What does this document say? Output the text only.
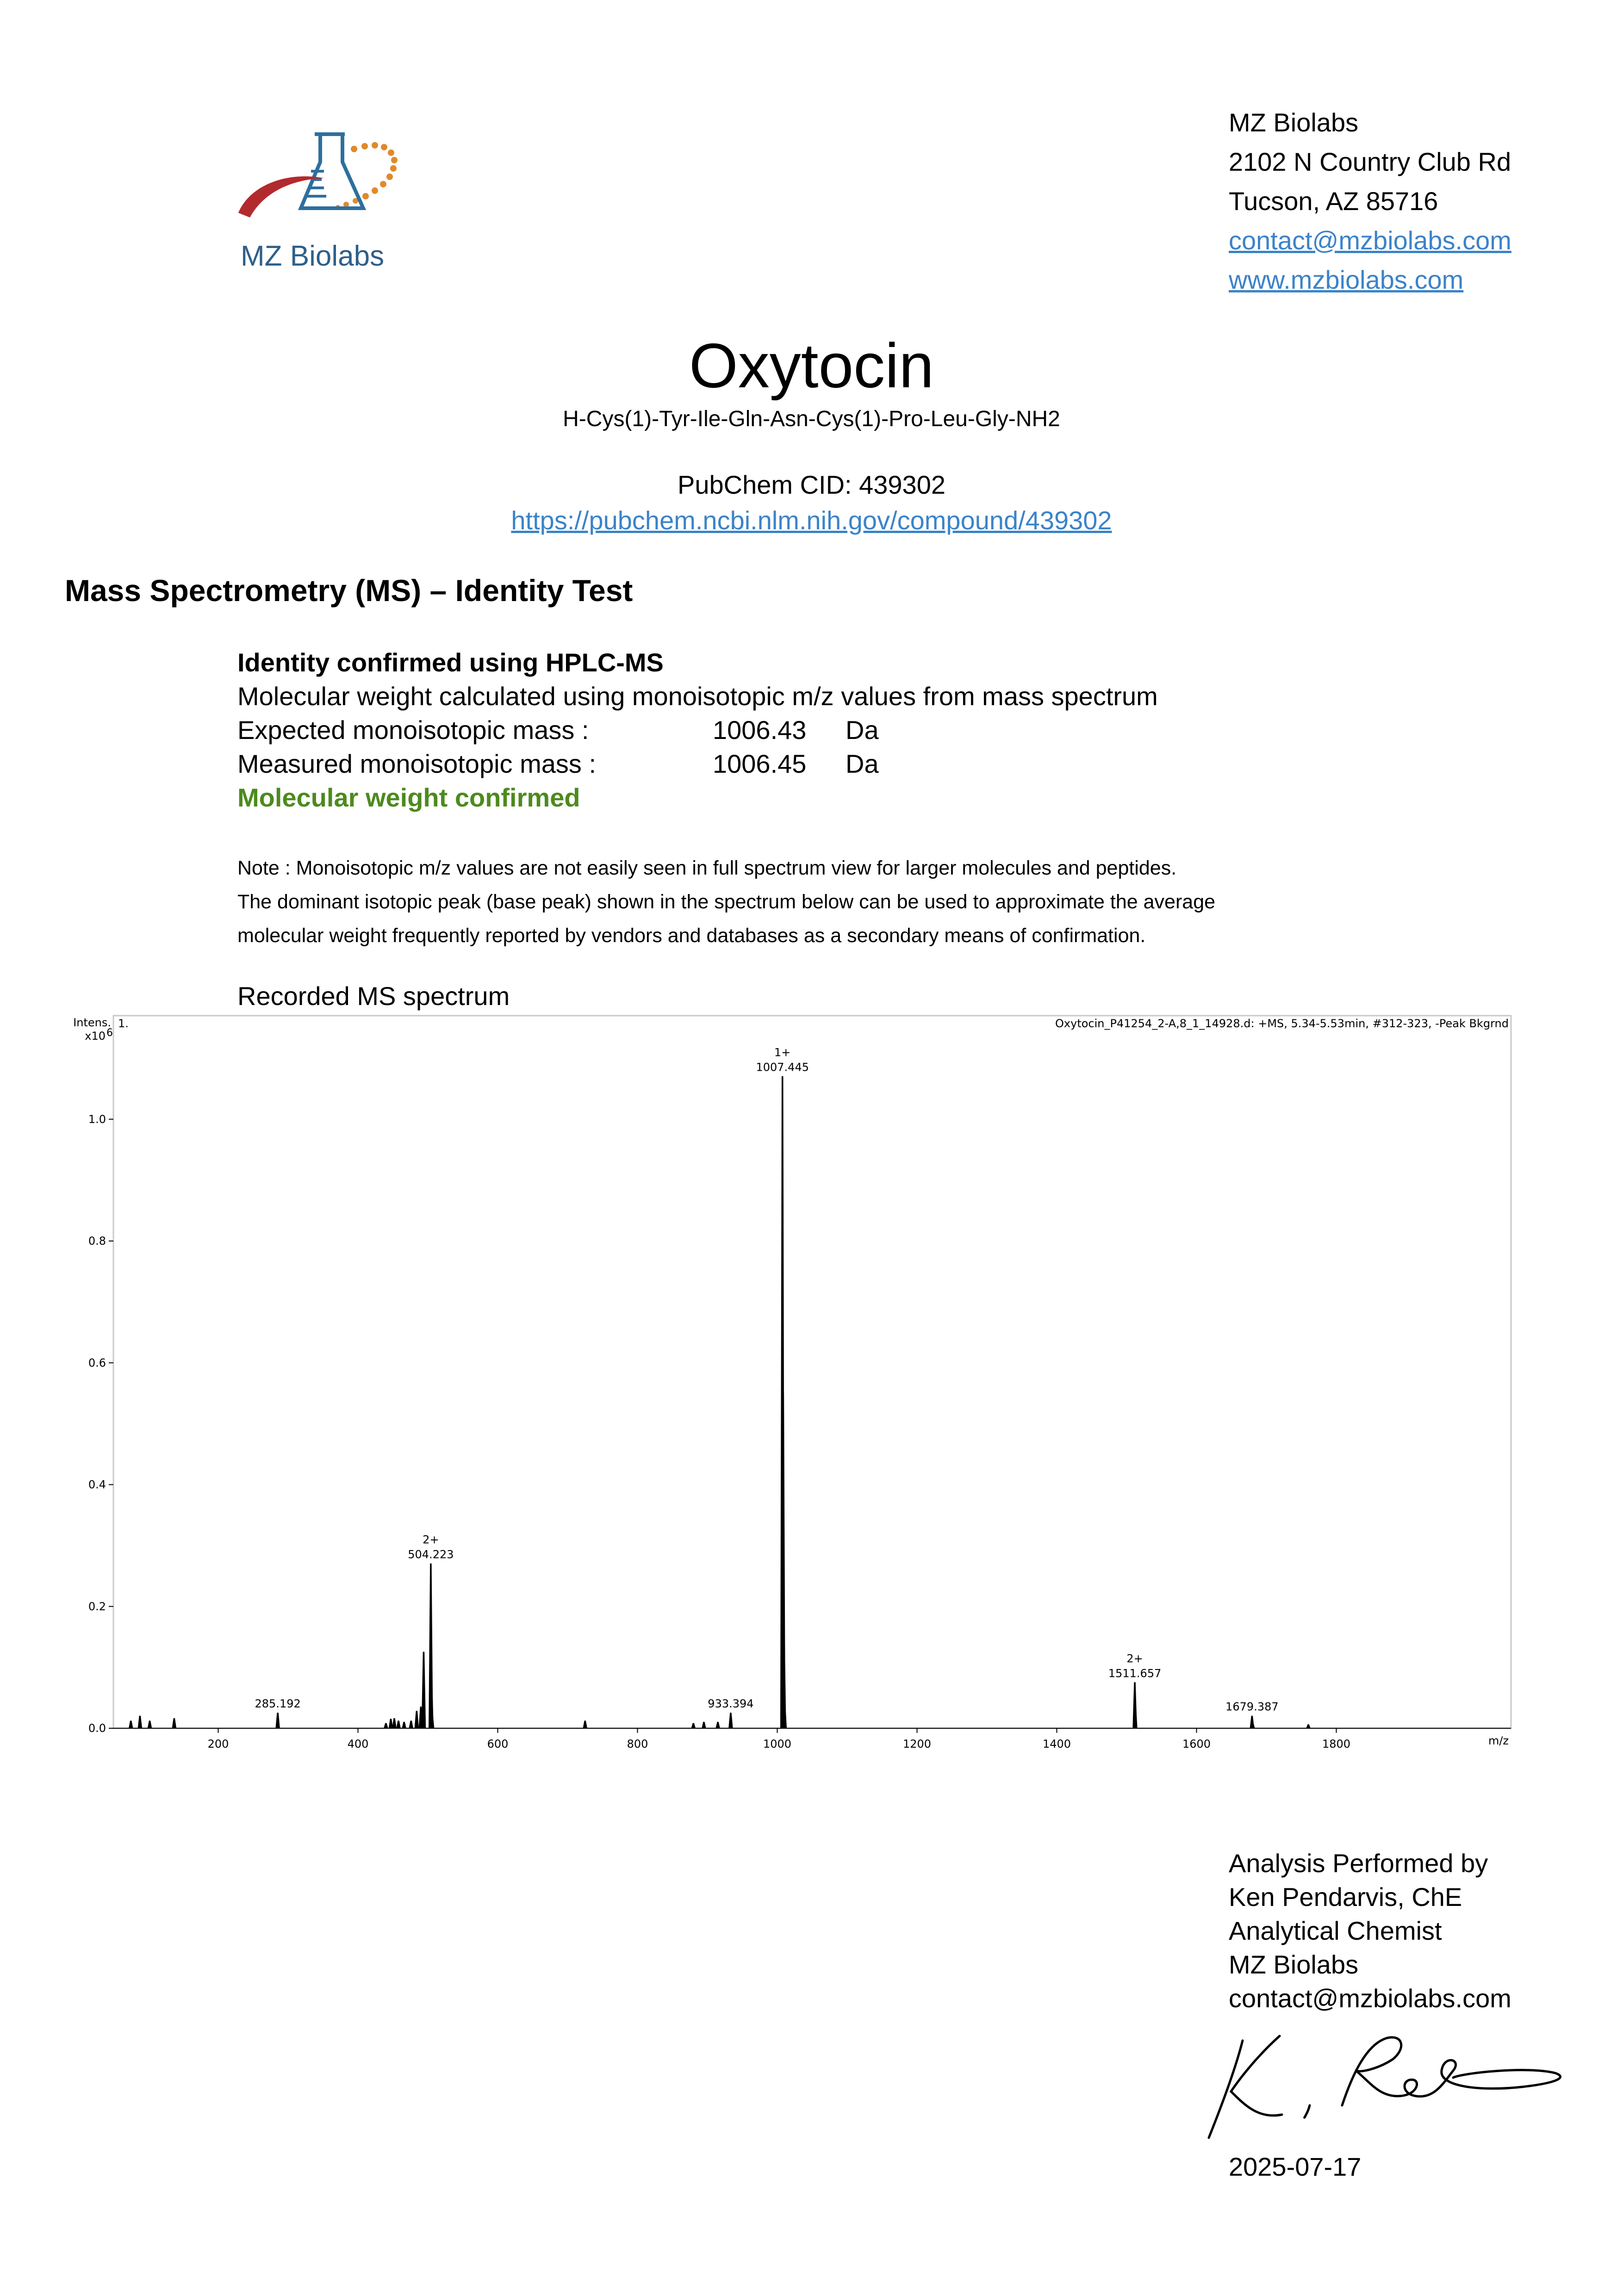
MZ Biolabs
MZ Biolabs
2102 N Country Club Rd
Tucson, AZ 85716
contact@mzbiolabs.com
www.mzbiolabs.com
Oxytocin
H-Cys(1)-Tyr-Ile-Gln-Asn-Cys(1)-Pro-Leu-Gly-NH2
PubChem CID: 439302
https://pubchem.ncbi.nlm.nih.gov/compound/439302
Mass Spectrometry (MS) – Identity Test
Identity confirmed using HPLC-MS
Molecular weight calculated using monoisotopic m/z values from mass spectrum
Expected monoisotopic mass :	1006.43 Da
Measured monoisotopic mass :	1006.45 Da
Molecular weight confirmed
Note : Monoisotopic m/z values are not easily seen in full spectrum view for larger molecules and peptides.
The dominant isotopic peak (base peak) shown in the spectrum below can be used to approximate the average
molecular weight frequently reported by vendors and databases as a secondary means of confirmation.
Recorded MS spectrum
Intens.
x10 6
1.	Oxytocin_P41254_2-A,8_1_14928.d: +MS, 5.34-5.53min, #312-323, -Peak Bkgrnd
m/z
200	400	600	800	1000	1200	1400	1600	1800
0.0
0.2
0.4
0.6
0.8
1.0
1007.445
1+
504.223
2+
1511.657
2+
285.192	933.394	1679.387
Analysis Performed by
Ken Pendarvis, ChE
Analytical Chemist
MZ Biolabs
contact@mzbiolabs.com
2025-07-17
